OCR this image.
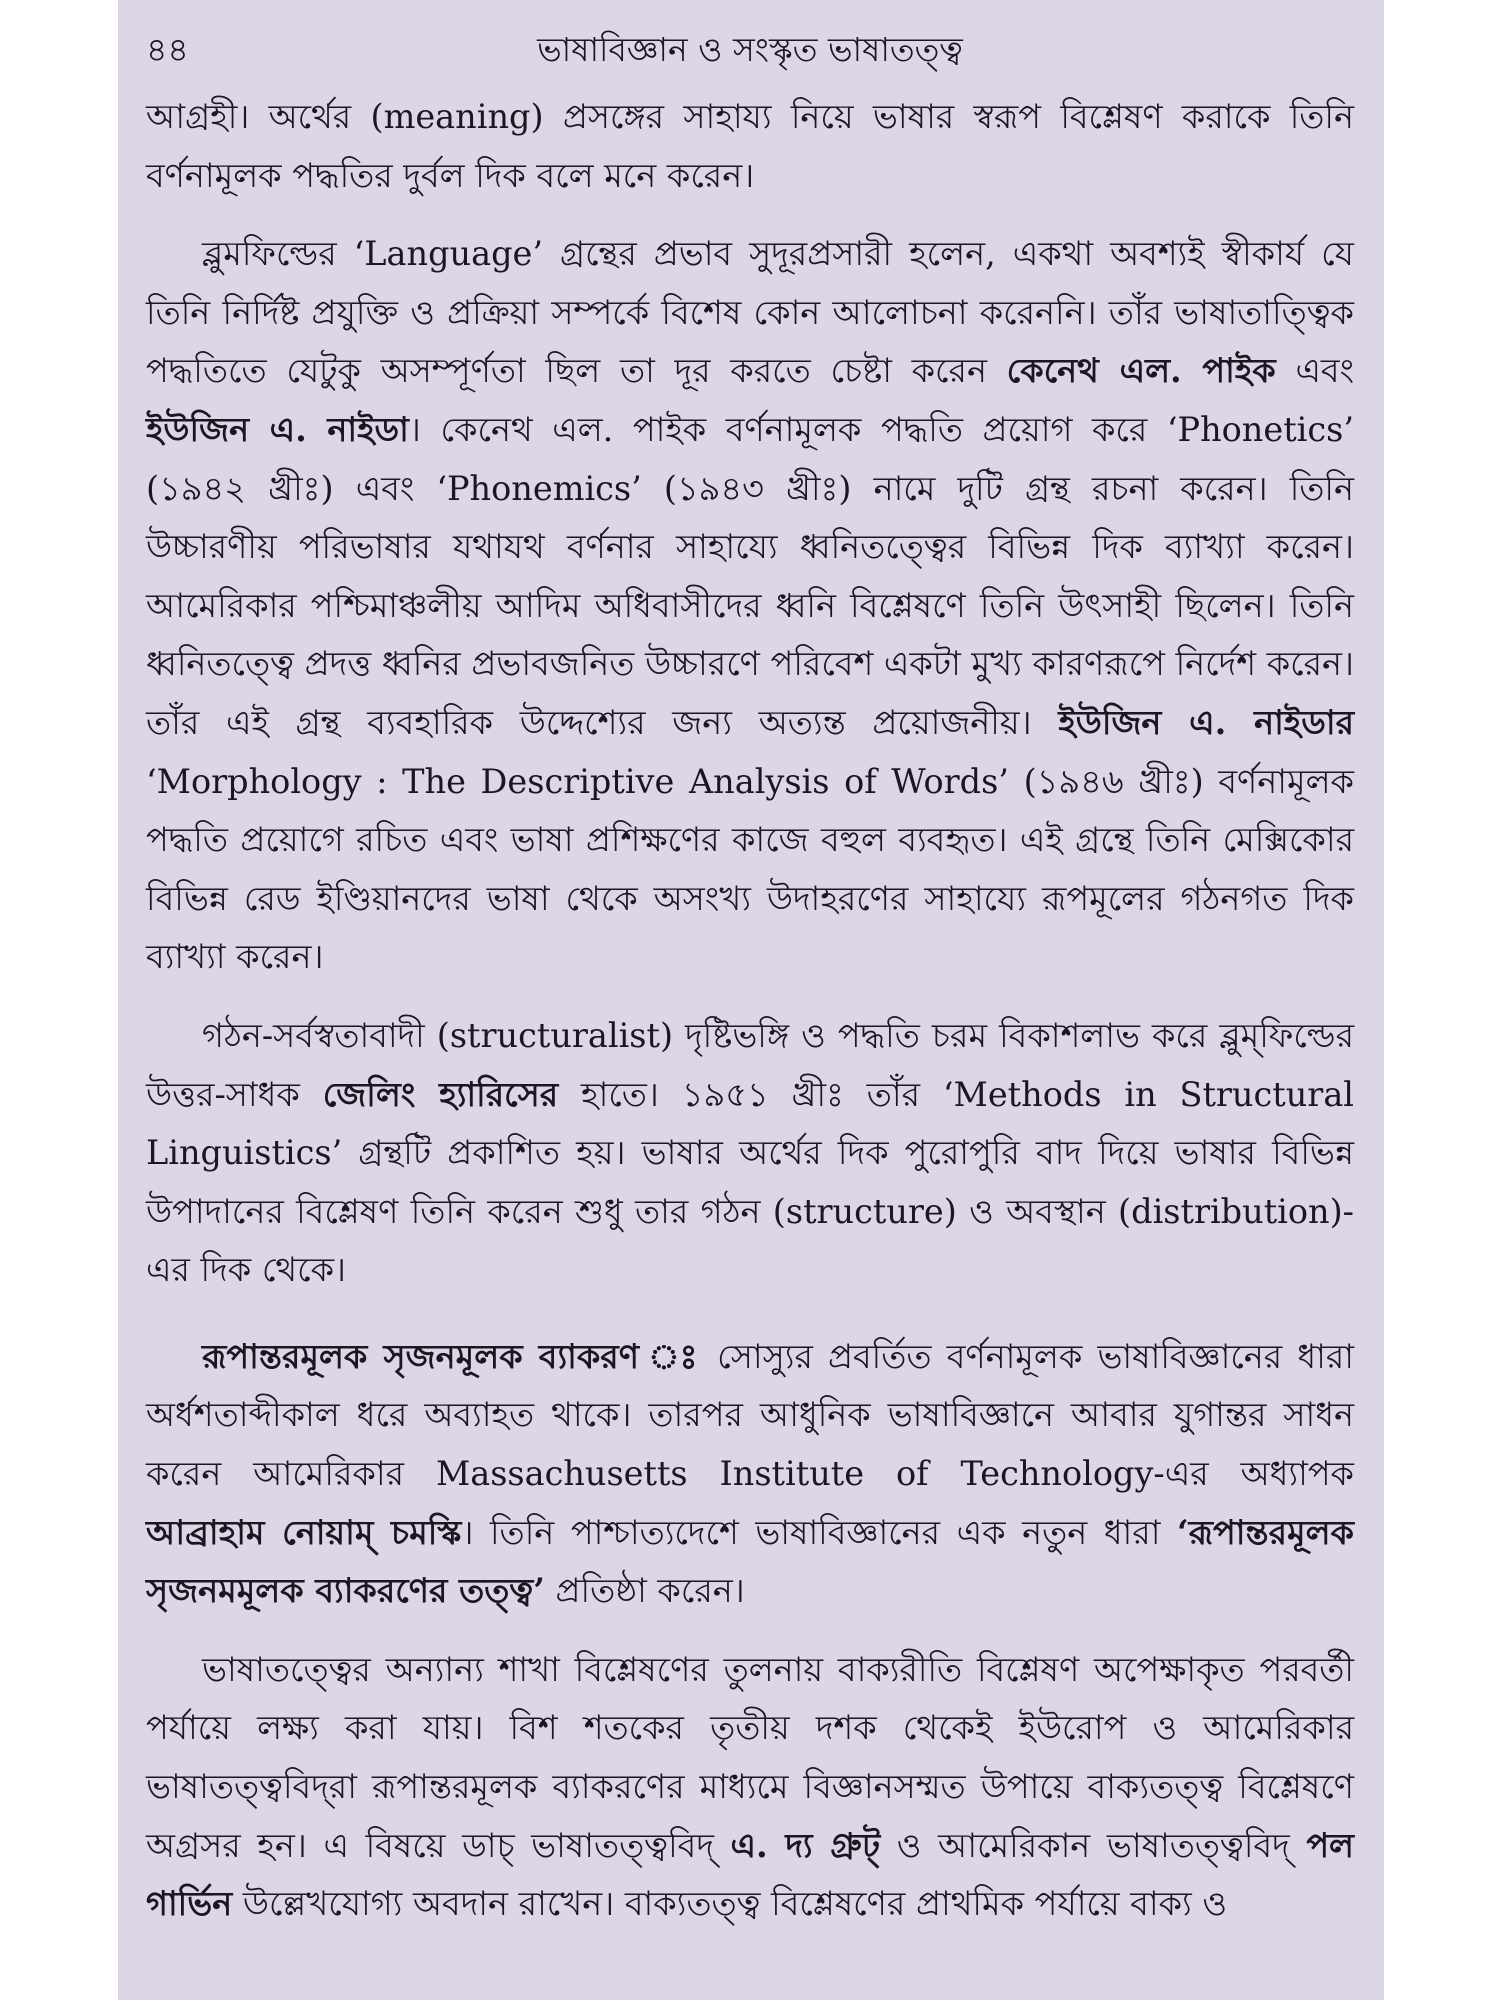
৪৪	ভাষাবিজ্ঞান ও সংস্কৃত ভাষাতত্ত্ব

আগ্রহী। অর্থের (meaning) প্রসঙ্গের সাহায্য নিয়ে ভাষার স্বরূপ বিশ্লেষণ করাকে তিনি বর্ণনামূলক পদ্ধতির দুর্বল দিক বলে মনে করেন।

ব্লুমফিল্ডের ‘Language’ গ্রন্থের প্রভাব সুদূরপ্রসারী হলেন, একথা অবশ্যই স্বীকার্য যে তিনি নির্দিষ্ট প্রযুক্তি ও প্রক্রিয়া সম্পর্কে বিশেষ কোন আলোচনা করেননি। তাঁর ভাষাতাত্ত্বিক পদ্ধতিতে যেটুকু অসম্পূর্ণতা ছিল তা দূর করতে চেষ্টা করেন কেনেথ এল. পাইক এবং ইউজিন এ. নাইডা। কেনেথ এল. পাইক বর্ণনামূলক পদ্ধতি প্রয়োগ করে ‘Phonetics’ (১৯৪২ খ্রীঃ) এবং ‘Phonemics’ (১৯৪৩ খ্রীঃ) নামে দুটি গ্রন্থ রচনা করেন। তিনি উচ্চারণীয় পরিভাষার যথাযথ বর্ণনার সাহায্যে ধ্বনিতত্ত্বের বিভিন্ন দিক ব্যাখ্যা করেন। আমেরিকার পশ্চিমাঞ্চলীয় আদিম অধিবাসীদের ধ্বনি বিশ্লেষণে তিনি উৎসাহী ছিলেন। তিনি ধ্বনিতত্ত্বে প্রদত্ত ধ্বনির প্রভাবজনিত উচ্চারণে পরিবেশ একটা মুখ্য কারণরূপে নির্দেশ করেন। তাঁর এই গ্রন্থ ব্যবহারিক উদ্দেশ্যের জন্য অত্যন্ত প্রয়োজনীয়। ইউজিন এ. নাইডার ‘Morphology : The Descriptive Analysis of Words’ (১৯৪৬ খ্রীঃ) বর্ণনামূলক পদ্ধতি প্রয়োগে রচিত এবং ভাষা প্রশিক্ষণের কাজে বহুল ব্যবহৃত। এই গ্রন্থে তিনি মেক্সিকোর বিভিন্ন রেড ইণ্ডিয়ানদের ভাষা থেকে অসংখ্য উদাহরণের সাহায্যে রূপমূলের গঠনগত দিক ব্যাখ্যা করেন।

গঠন-সর্বস্বতাবাদী (structuralist) দৃষ্টিভঙ্গি ও পদ্ধতি চরম বিকাশলাভ করে ব্লুম্‌ফিল্ডের উত্তর-সাধক জেলিং হ্যারিসের হাতে। ১৯৫১ খ্রীঃ তাঁর ‘Methods in Structural Linguistics’ গ্রন্থটি প্রকাশিত হয়। ভাষার অর্থের দিক পুরোপুরি বাদ দিয়ে ভাষার বিভিন্ন উপাদানের বিশ্লেষণ তিনি করেন শুধু তার গঠন (structure) ও অবস্থান (distribution)-এর দিক থেকে।

রূপান্তরমূলক সৃজনমূলক ব্যাকরণ ঃ সোস্যুর প্রবর্তিত বর্ণনামূলক ভাষাবিজ্ঞানের ধারা অর্ধশতাব্দীকাল ধরে অব্যাহত থাকে। তারপর আধুনিক ভাষাবিজ্ঞানে আবার যুগান্তর সাধন করেন আমেরিকার Massachusetts Institute of Technology-এর অধ্যাপক আব্রাহাম নোয়াম্‌ চমস্কি। তিনি পাশ্চাত্যদেশে ভাষাবিজ্ঞানের এক নতুন ধারা ‘রূপান্তরমূলক সৃজনমমূলক ব্যাকরণের তত্ত্ব’ প্রতিষ্ঠা করেন।

ভাষাতত্ত্বের অন্যান্য শাখা বিশ্লেষণের তুলনায় বাক্যরীতি বিশ্লেষণ অপেক্ষাকৃত পরবর্তী পর্যায়ে লক্ষ্য করা যায়। বিশ শতকের তৃতীয় দশক থেকেই ইউরোপ ও আমেরিকার ভাষাতত্ত্ববিদ্‌রা রূপান্তরমূলক ব্যাকরণের মাধ্যমে বিজ্ঞানসম্মত উপায়ে বাক্যতত্ত্ব বিশ্লেষণে অগ্রসর হন। এ বিষয়ে ডাচ্‌ ভাষাতত্ত্ববিদ্‌ এ. দ্য গ্রুট্ ও আমেরিকান ভাষাতত্ত্ববিদ্‌ পল গার্ভিন উল্লেখযোগ্য অবদান রাখেন। বাক্যতত্ত্ব বিশ্লেষণের প্রাথমিক পর্যায়ে বাক্য ও
